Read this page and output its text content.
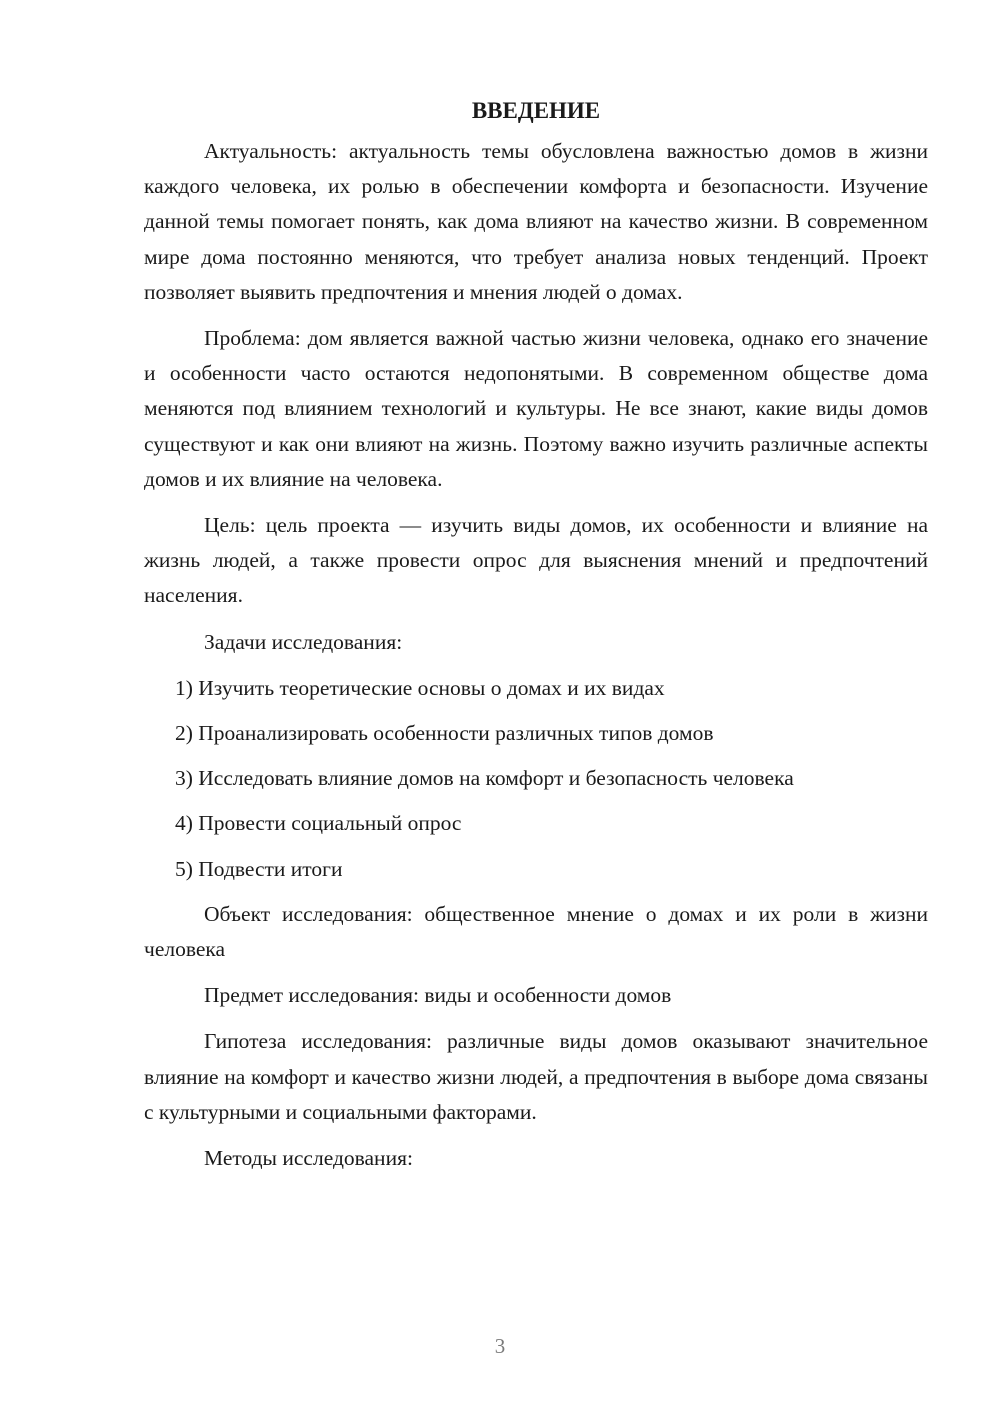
ВВЕДЕНИЕ

Актуальность: актуальность темы обусловлена важностью домов в жизни каждого человека, их ролью в обеспечении комфорта и безопасности. Изучение данной темы помогает понять, как дома влияют на качество жизни. В современном мире дома постоянно меняются, что требует анализа новых тенденций. Проект позволяет выявить предпочтения и мнения людей о домах.

Проблема: дом является важной частью жизни человека, однако его значение и особенности часто остаются недопонятыми. В современном обществе дома меняются под влиянием технологий и культуры. Не все знают, какие виды домов существуют и как они влияют на жизнь. Поэтому важно изучить различные аспекты домов и их влияние на человека.

Цель: цель проекта — изучить виды домов, их особенности и влияние на жизнь людей, а также провести опрос для выяснения мнений и предпочтений населения.

Задачи исследования:

1) Изучить теоретические основы о домах и их видах
2) Проанализировать особенности различных типов домов
3) Исследовать влияние домов на комфорт и безопасность человека
4) Провести социальный опрос
5) Подвести итоги

Объект исследования: общественное мнение о домах и их роли в жизни человека

Предмет исследования: виды и особенности домов

Гипотеза исследования: различные виды домов оказывают значительное влияние на комфорт и качество жизни людей, а предпочтения в выборе дома связаны с культурными и социальными факторами.

Методы исследования:

3
